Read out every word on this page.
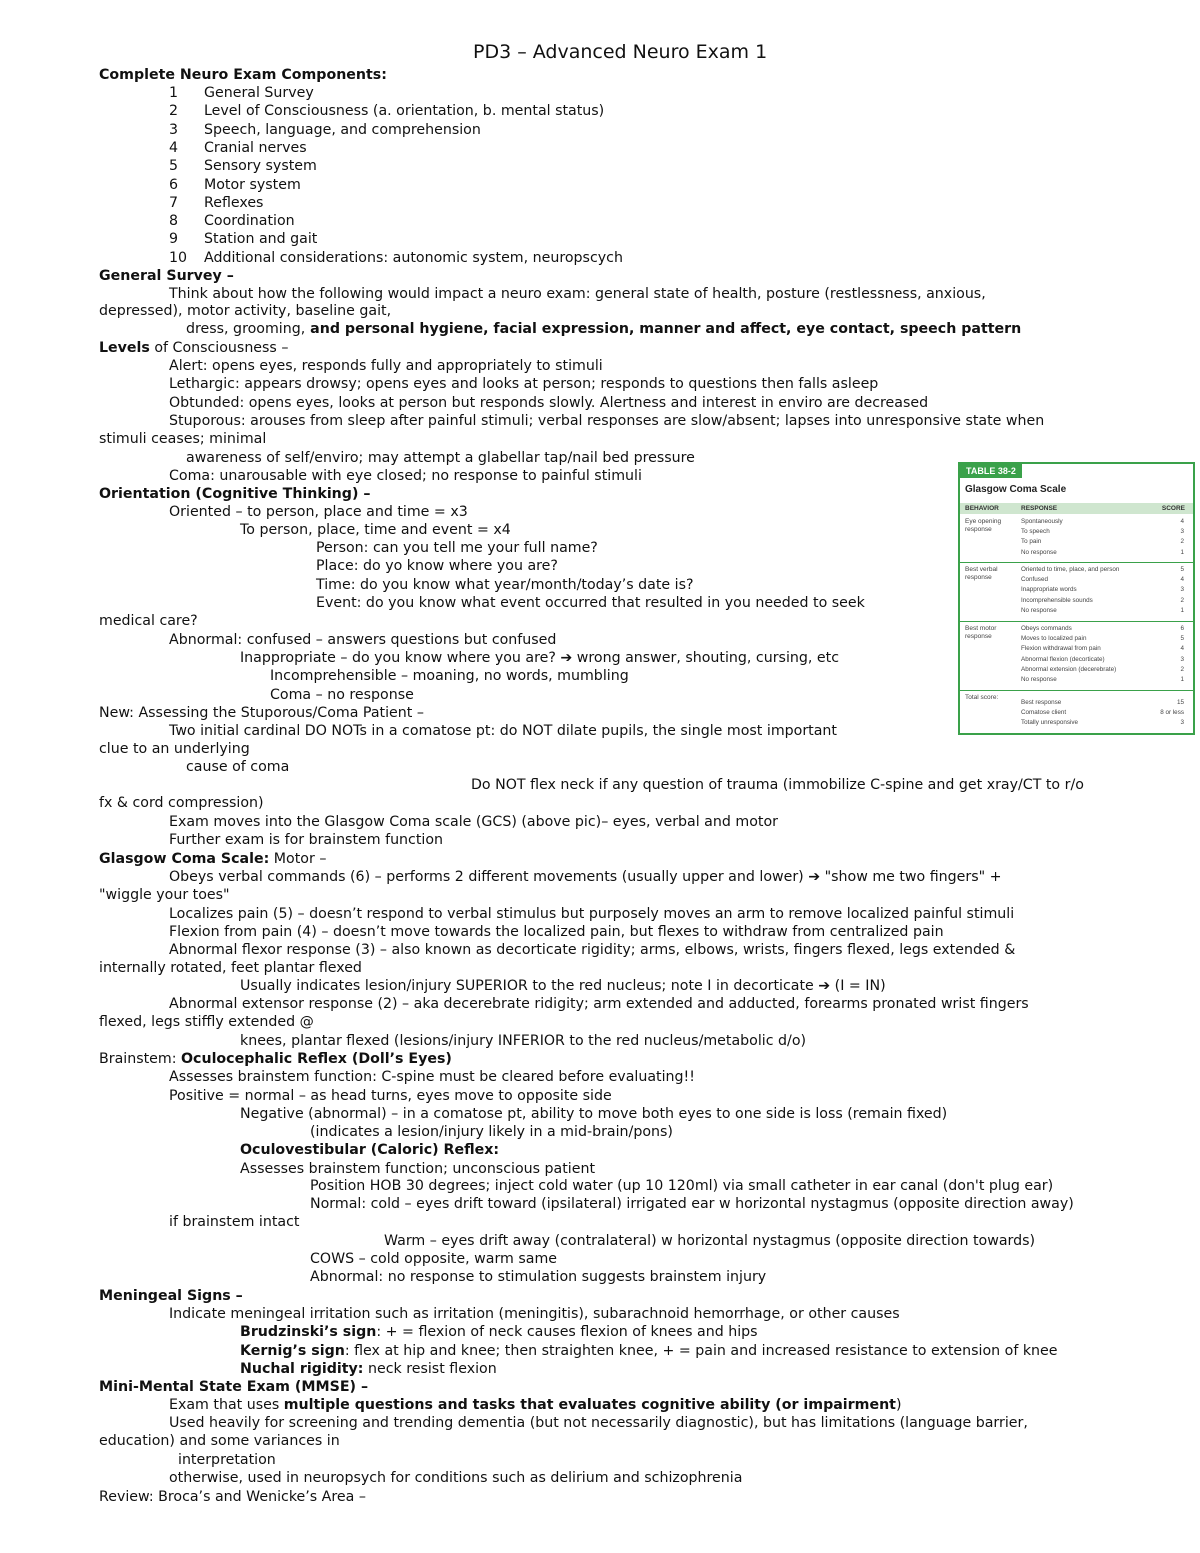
PD3 – Advanced Neuro Exam 1
Complete Neuro Exam Components:
1 General Survey
2 Level of Consciousness (a. orientation, b. mental status)
3 Speech, language, and comprehension
4 Cranial nerves
5 Sensory system
6 Motor system
7 Reflexes
8 Coordination
9 Station and gait
10 Additional considerations: autonomic system, neuropscych
General Survey –
Think about how the following would impact a neuro exam: general state of health, posture (restlessness, anxious,
depressed), motor activity, baseline gait,
dress, grooming, and personal hygiene, facial expression, manner and affect, eye contact, speech pattern
Levels of Consciousness –
Alert: opens eyes, responds fully and appropriately to stimuli
Lethargic: appears drowsy; opens eyes and looks at person; responds to questions then falls asleep
Obtunded: opens eyes, looks at person but responds slowly. Alertness and interest in enviro are decreased
Stuporous: arouses from sleep after painful stimuli; verbal responses are slow/absent; lapses into unresponsive state when
stimuli ceases; minimal
awareness of self/enviro; may attempt a glabellar tap/nail bed pressure
Coma: unarousable with eye closed; no response to painful stimuli
Orientation (Cognitive Thinking) –
Oriented – to person, place and time = x3
To person, place, time and event = x4
Person: can you tell me your full name?
Place: do yo know where you are?
Time: do you know what year/month/today’s date is?
Event: do you know what event occurred that resulted in you needed to seek
medical care?
Abnormal: confused – answers questions but confused
Inappropriate – do you know where you are? ➔ wrong answer, shouting, cursing, etc
Incomprehensible – moaning, no words, mumbling
Coma – no response
New: Assessing the Stuporous/Coma Patient –
Two initial cardinal DO NOTs in a comatose pt: do NOT dilate pupils, the single most important
clue to an underlying
cause of coma
Do NOT flex neck if any question of trauma (immobilize C-spine and get xray/CT to r/o
fx & cord compression)
Exam moves into the Glasgow Coma scale (GCS) (above pic)– eyes, verbal and motor
Further exam is for brainstem function
Glasgow Coma Scale: Motor –
Obeys verbal commands (6) – performs 2 different movements (usually upper and lower) ➔ "show me two fingers" +
"wiggle your toes"
Localizes pain (5) – doesn’t respond to verbal stimulus but purposely moves an arm to remove localized painful stimuli
Flexion from pain (4) – doesn’t move towards the localized pain, but flexes to withdraw from centralized pain
Abnormal flexor response (3) – also known as decorticate rigidity; arms, elbows, wrists, fingers flexed, legs extended &
internally rotated, feet plantar flexed
Usually indicates lesion/injury SUPERIOR to the red nucleus; note I in decorticate ➔ (I = IN)
Abnormal extensor response (2) – aka decerebrate ridigity; arm extended and adducted, forearms pronated wrist fingers
flexed, legs stiffly extended @
knees, plantar flexed (lesions/injury INFERIOR to the red nucleus/metabolic d/o)
Brainstem: Oculocephalic Reflex (Doll’s Eyes)
Assesses brainstem function: C-spine must be cleared before evaluating!!
Positive = normal – as head turns, eyes move to opposite side
Negative (abnormal) – in a comatose pt, ability to move both eyes to one side is loss (remain fixed)
(indicates a lesion/injury likely in a mid-brain/pons)
Oculovestibular (Caloric) Reflex:
Assesses brainstem function; unconscious patient
Position HOB 30 degrees; inject cold water (up 10 120ml) via small catheter in ear canal (don't plug ear)
Normal: cold – eyes drift toward (ipsilateral) irrigated ear w horizontal nystagmus (opposite direction away)
if brainstem intact
Warm – eyes drift away (contralateral) w horizontal nystagmus (opposite direction towards)
COWS – cold opposite, warm same
Abnormal: no response to stimulation suggests brainstem injury
Meningeal Signs –
Indicate meningeal irritation such as irritation (meningitis), subarachnoid hemorrhage, or other causes
Brudzinski’s sign: + = flexion of neck causes flexion of knees and hips
Kernig’s sign: flex at hip and knee; then straighten knee, + = pain and increased resistance to extension of knee
Nuchal rigidity: neck resist flexion
Mini-Mental State Exam (MMSE) –
Exam that uses multiple questions and tasks that evaluates cognitive ability (or impairment)
Used heavily for screening and trending dementia (but not necessarily diagnostic), but has limitations (language barrier,
education) and some variances in
interpretation
otherwise, used in neuropsych for conditions such as delirium and schizophrenia
Review: Broca’s and Wenicke’s Area –
TABLE 38-2
Glasgow Coma Scale
BEHAVIOR	RESPONSE	SCORE
Eye opening response
Spontaneously	4
To speech	3
To pain	2
No response	1
Best verbal response
Oriented to time, place, and person	5
Confused	4
Inappropriate words	3
Incomprehensible sounds	2
No response	1
Best motor response
Obeys commands	6
Moves to localized pain	5
Flexion withdrawal from pain	4
Abnormal flexion (decorticate)	3
Abnormal extension (decerebrate)	2
No response	1
Total score:
Best response	15
Comatose client	8 or less
Totally unresponsive	3
